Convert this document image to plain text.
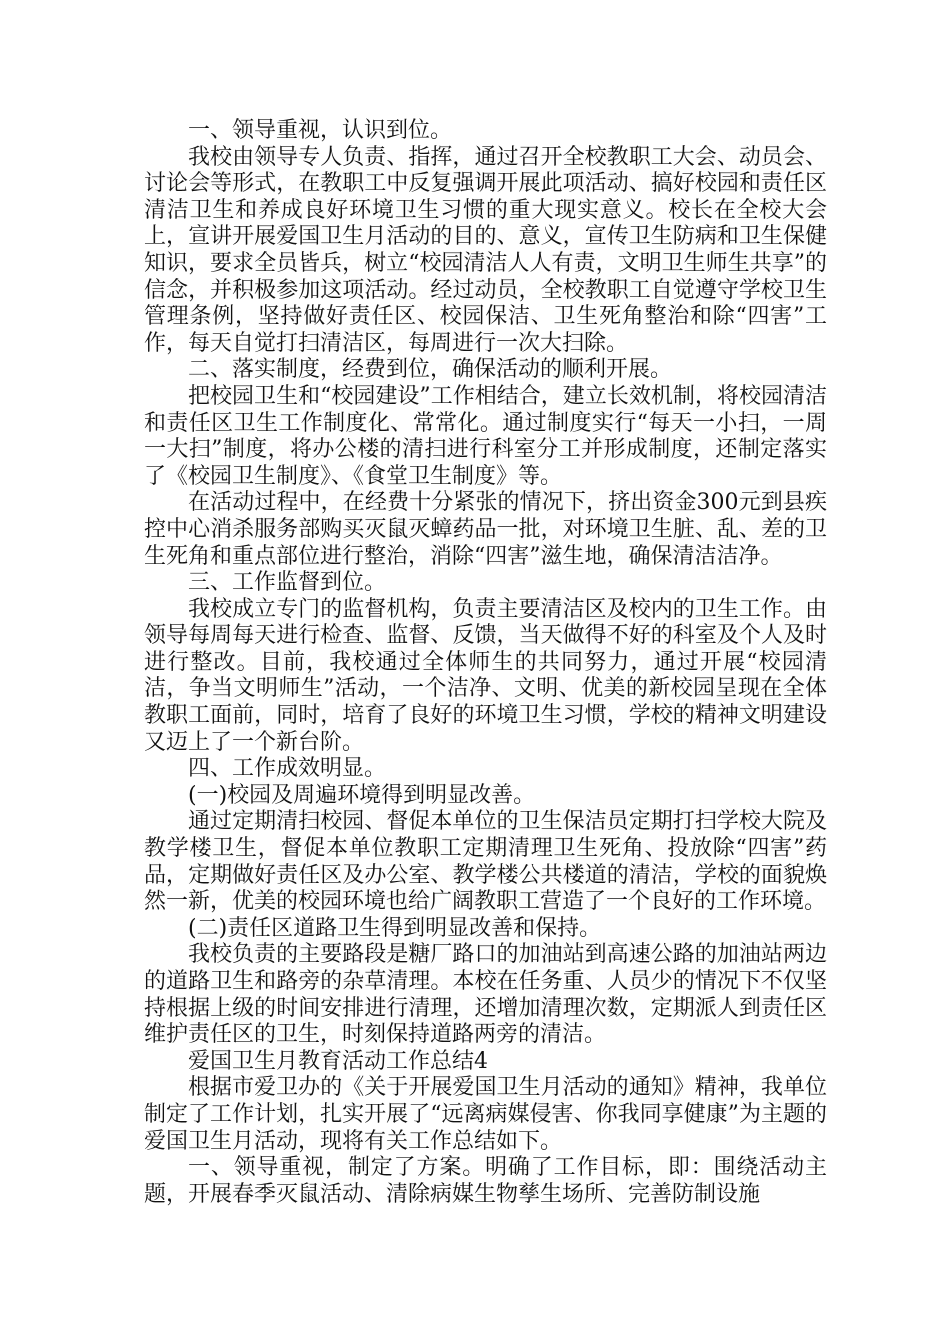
一、领导重视，认识到位。

我校由领导专人负责、指挥，通过召开全校教职工大会、动员会、讨论会等形式，在教职工中反复强调开展此项活动、搞好校园和责任区清洁卫生和养成良好环境卫生习惯的重大现实意义。校长在全校大会上，宣讲开展爱国卫生月活动的目的、意义，宣传卫生防病和卫生保健知识，要求全员皆兵，树立“校园清洁人人有责，文明卫生师生共享”的信念，并积极参加这项活动。经过动员，全校教职工自觉遵守学校卫生管理条例，坚持做好责任区、校园保洁、卫生死角整治和除“四害”工作，每天自觉打扫清洁区，每周进行一次大扫除。

二、落实制度，经费到位，确保活动的顺利开展。

把校园卫生和“校园建设”工作相结合，建立长效机制，将校园清洁和责任区卫生工作制度化、常常化。通过制度实行“每天一小扫，一周一大扫”制度，将办公楼的清扫进行科室分工并形成制度，还制定落实了《校园卫生制度》、《食堂卫生制度》等。

在活动过程中，在经费十分紧张的情况下，挤出资金300元到县疾控中心消杀服务部购买灭鼠灭蟑药品一批，对环境卫生脏、乱、差的卫生死角和重点部位进行整治，消除“四害”滋生地，确保清洁洁净。

三、工作监督到位。

我校成立专门的监督机构，负责主要清洁区及校内的卫生工作。由领导每周每天进行检查、监督、反馈，当天做得不好的科室及个人及时进行整改。目前，我校通过全体师生的共同努力，通过开展“校园清洁，争当文明师生”活动，一个洁净、文明、优美的新校园呈现在全体教职工面前，同时，培育了良好的环境卫生习惯，学校的精神文明建设又迈上了一个新台阶。

四、工作成效明显。

(一)校园及周遍环境得到明显改善。

通过定期清扫校园、督促本单位的卫生保洁员定期打扫学校大院及教学楼卫生，督促本单位教职工定期清理卫生死角、投放除“四害”药品，定期做好责任区及办公室、教学楼公共楼道的清洁，学校的面貌焕然一新，优美的校园环境也给广阔教职工营造了一个良好的工作环境。

(二)责任区道路卫生得到明显改善和保持。

我校负责的主要路段是糖厂路口的加油站到高速公路的加油站两边的道路卫生和路旁的杂草清理。本校在任务重、人员少的情况下不仅坚持根据上级的时间安排进行清理，还增加清理次数，定期派人到责任区维护责任区的卫生，时刻保持道路两旁的清洁。

爱国卫生月教育活动工作总结4

根据市爱卫办的《关于开展爱国卫生月活动的通知》精神，我单位制定了工作计划，扎实开展了“远离病媒侵害、你我同享健康”为主题的爱国卫生月活动，现将有关工作总结如下。

一、领导重视，制定了方案。明确了工作目标，即：围绕活动主题，开展春季灭鼠活动、清除病媒生物孳生场所、完善防制设施
